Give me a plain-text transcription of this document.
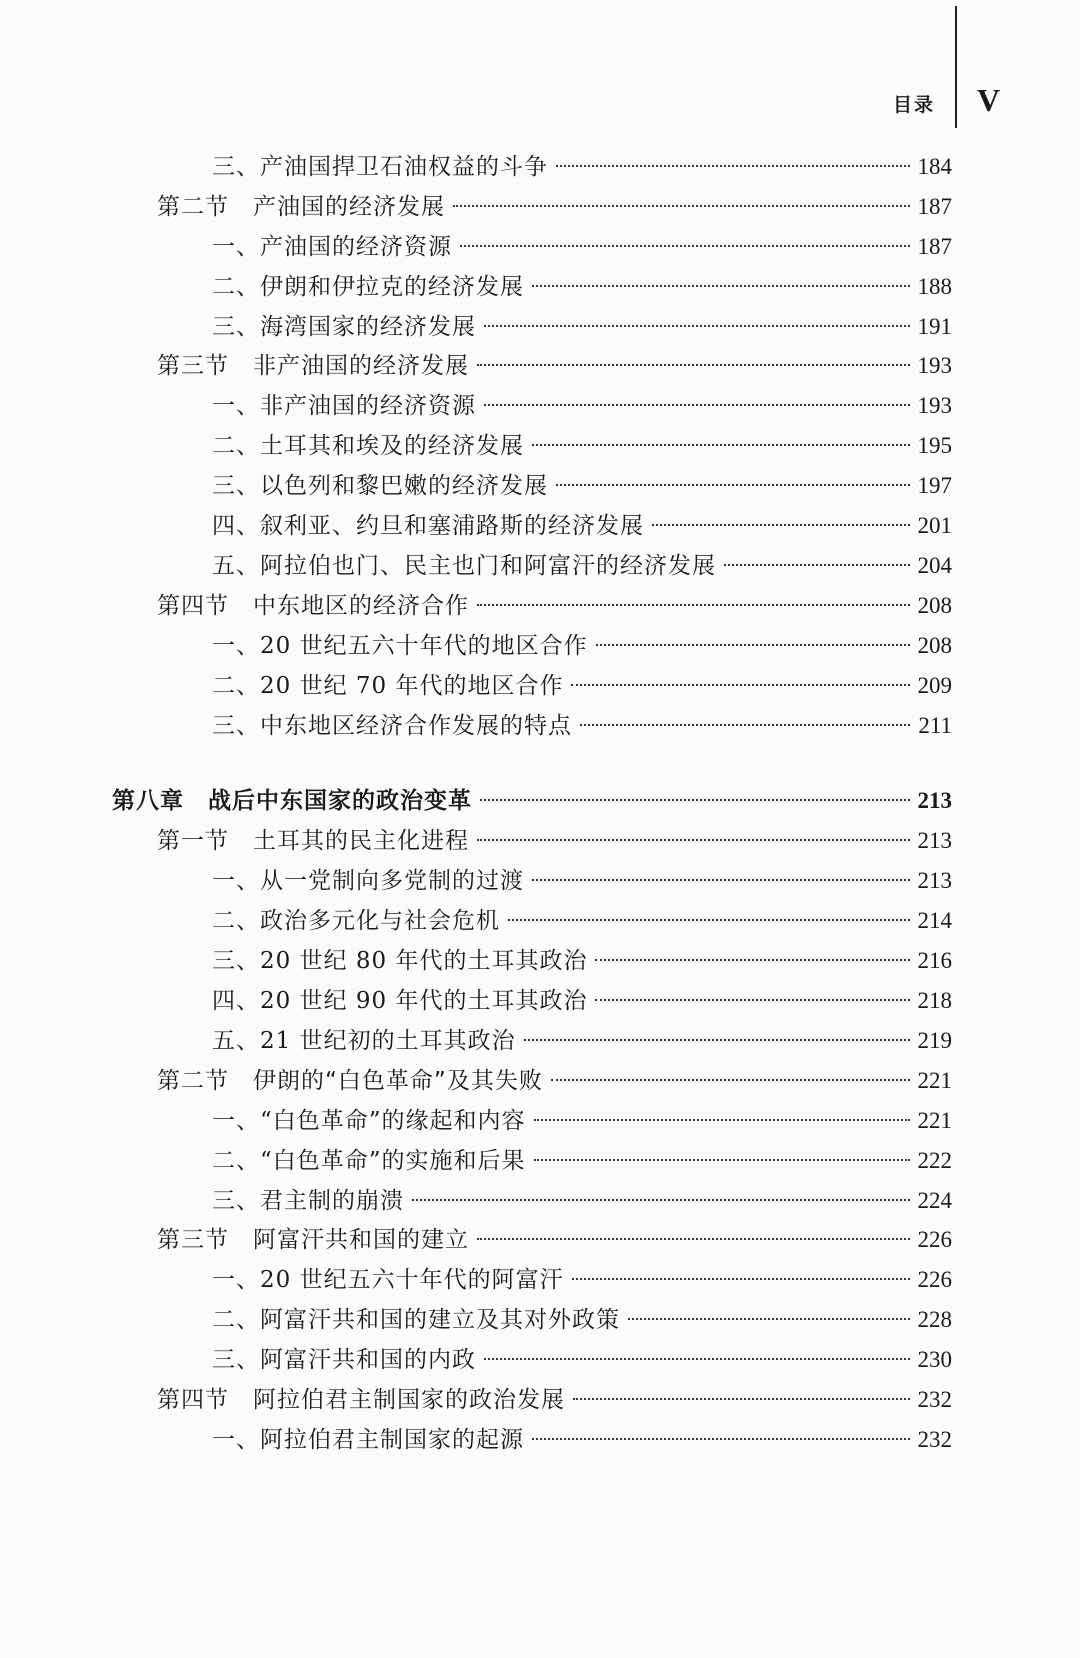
目录 V
三、产油国捍卫石油权益的斗争	184
第二节　产油国的经济发展	187
一、产油国的经济资源	187
二、伊朗和伊拉克的经济发展	188
三、海湾国家的经济发展	191
第三节　非产油国的经济发展	193
一、非产油国的经济资源	193
二、土耳其和埃及的经济发展	195
三、以色列和黎巴嫩的经济发展	197
四、叙利亚、约旦和塞浦路斯的经济发展	201
五、阿拉伯也门、民主也门和阿富汗的经济发展	204
第四节　中东地区的经济合作	208
一、20 世纪五六十年代的地区合作	208
二、20 世纪 70 年代的地区合作	209
三、中东地区经济合作发展的特点	211
第八章　战后中东国家的政治变革	213
第一节　土耳其的民主化进程	213
一、从一党制向多党制的过渡	213
二、政治多元化与社会危机	214
三、20 世纪 80 年代的土耳其政治	216
四、20 世纪 90 年代的土耳其政治	218
五、21 世纪初的土耳其政治	219
第二节　伊朗的“白色革命”及其失败	221
一、“白色革命”的缘起和内容	221
二、“白色革命”的实施和后果	222
三、君主制的崩溃	224
第三节　阿富汗共和国的建立	226
一、20 世纪五六十年代的阿富汗	226
二、阿富汗共和国的建立及其对外政策	228
三、阿富汗共和国的内政	230
第四节　阿拉伯君主制国家的政治发展	232
一、阿拉伯君主制国家的起源	232
